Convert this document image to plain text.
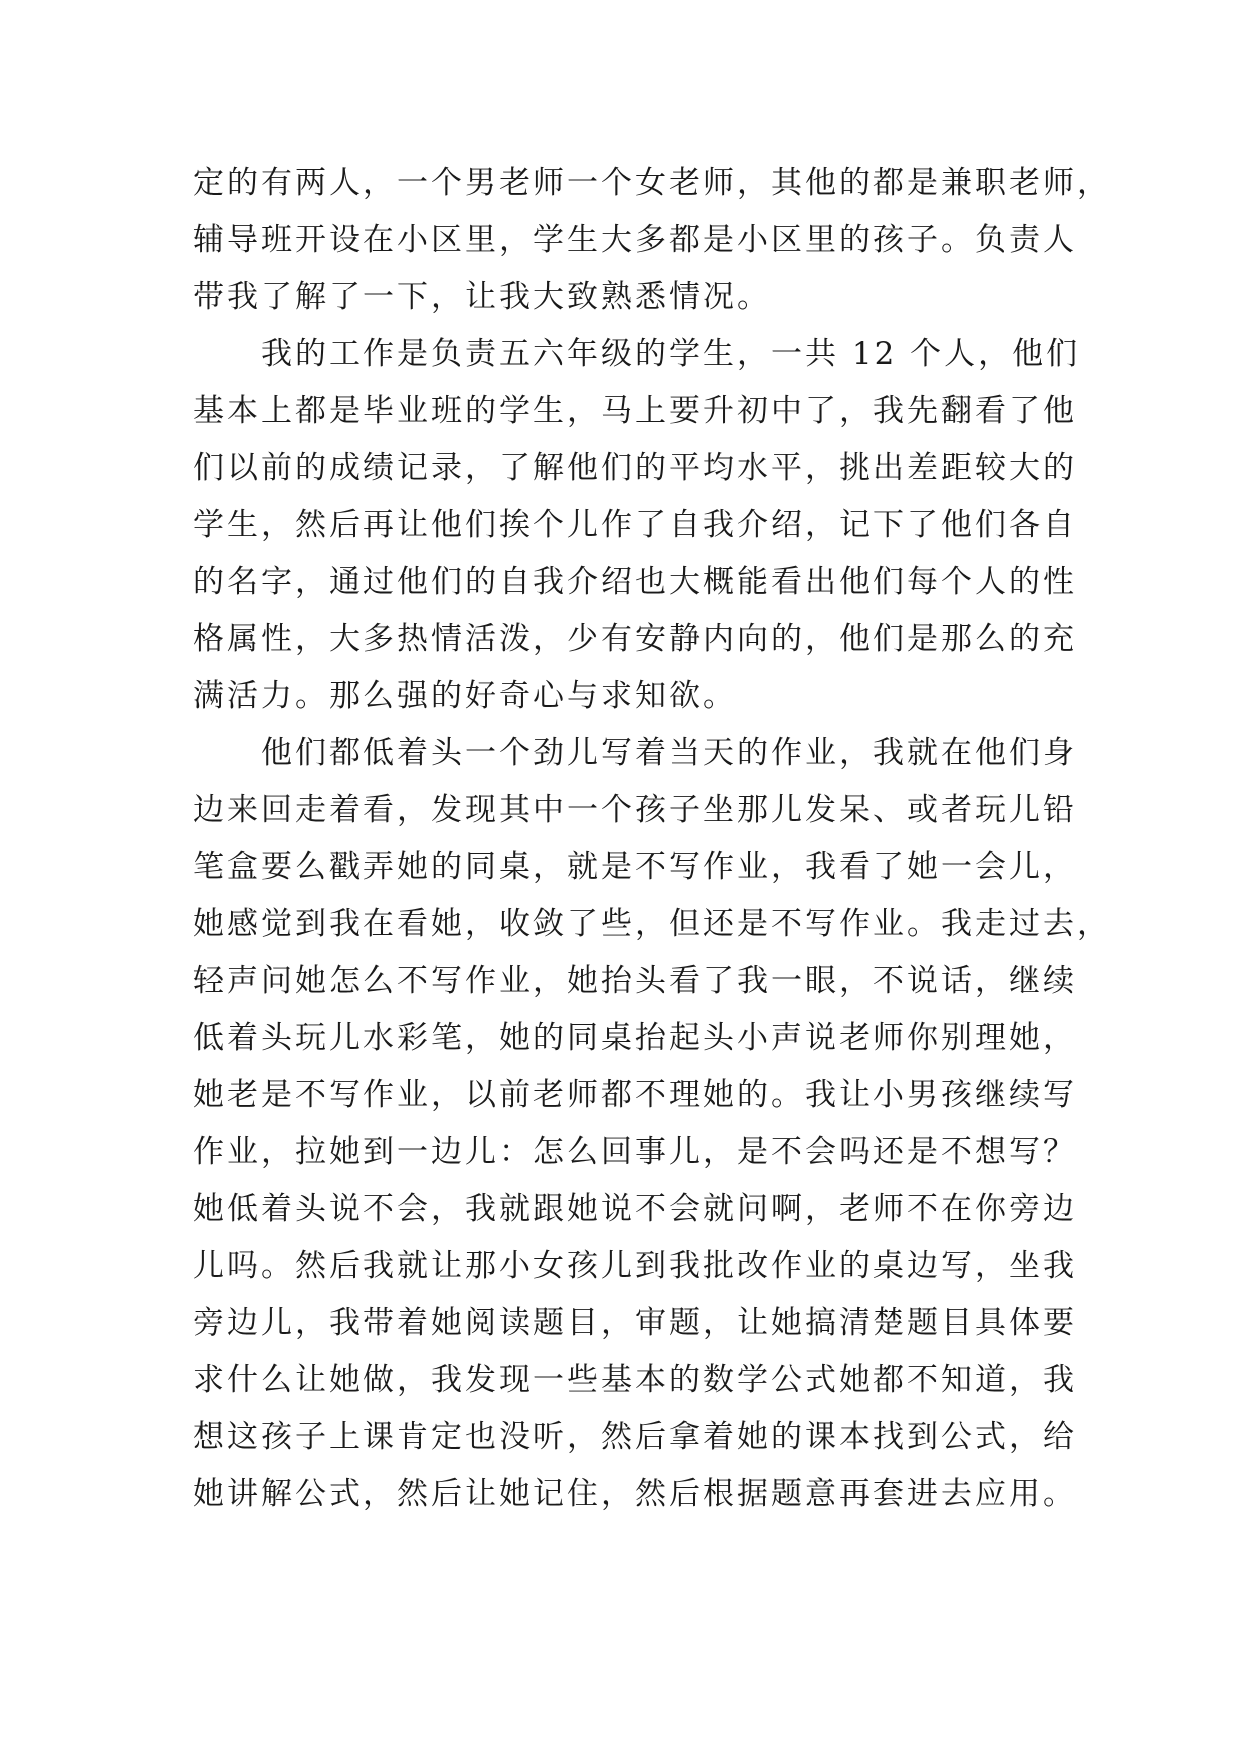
定的有两人，一个男老师一个女老师，其他的都是兼职老师，
辅导班开设在小区里，学生大多都是小区里的孩子。负责人
带我了解了一下，让我大致熟悉情况。
我的工作是负责五六年级的学生，一共 12 个人，他们
基本上都是毕业班的学生，马上要升初中了，我先翻看了他
们以前的成绩记录，了解他们的平均水平，挑出差距较大的
学生，然后再让他们挨个儿作了自我介绍，记下了他们各自
的名字，通过他们的自我介绍也大概能看出他们每个人的性
格属性，大多热情活泼，少有安静内向的，他们是那么的充
满活力。那么强的好奇心与求知欲。
他们都低着头一个劲儿写着当天的作业，我就在他们身
边来回走着看，发现其中一个孩子坐那儿发呆、或者玩儿铅
笔盒要么戳弄她的同桌，就是不写作业，我看了她一会儿，
她感觉到我在看她，收敛了些，但还是不写作业。我走过去，
轻声问她怎么不写作业，她抬头看了我一眼，不说话，继续
低着头玩儿水彩笔，她的同桌抬起头小声说老师你别理她，
她老是不写作业，以前老师都不理她的。我让小男孩继续写
作业，拉她到一边儿：怎么回事儿，是不会吗还是不想写？
她低着头说不会，我就跟她说不会就问啊，老师不在你旁边
儿吗。然后我就让那小女孩儿到我批改作业的桌边写，坐我
旁边儿，我带着她阅读题目，审题，让她搞清楚题目具体要
求什么让她做，我发现一些基本的数学公式她都不知道，我
想这孩子上课肯定也没听，然后拿着她的课本找到公式，给
她讲解公式，然后让她记住，然后根据题意再套进去应用。
